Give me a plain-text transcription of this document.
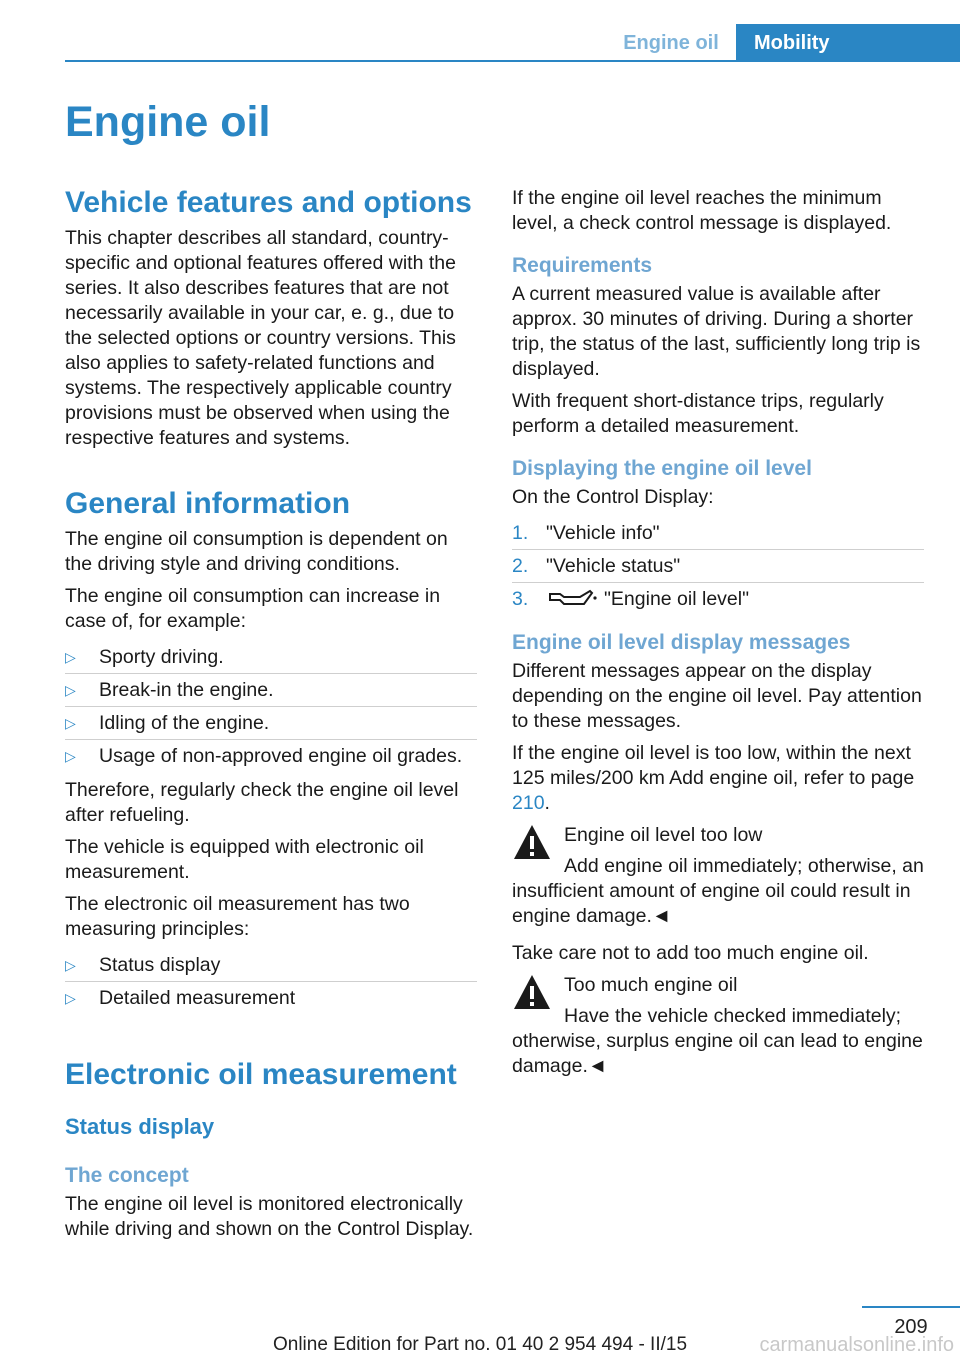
Engine oil	Mobility
Engine oil
Vehicle features and options

This chapter describes all standard, country-specific and optional features offered with the series. It also describes features that are not necessarily available in your car, e. g., due to the selected options or country versions. This also applies to safety-related functions and systems. The respectively applicable country provisions must be observed when using the respective features and systems.

General information

The engine oil consumption is dependent on the driving style and driving conditions.

The engine oil consumption can increase in case of, for example:

▷ Sporty driving.
▷ Break-in the engine.
▷ Idling of the engine.
▷ Usage of non-approved engine oil grades.

Therefore, regularly check the engine oil level after refueling.

The vehicle is equipped with electronic oil measurement.

The electronic oil measurement has two measuring principles:

▷ Status display
▷ Detailed measurement
Electronic oil measurement
Status display
The concept

The engine oil level is monitored electronically while driving and shown on the Control Display.

If the engine oil level reaches the minimum level, a check control message is displayed.

Requirements

A current measured value is available after approx. 30 minutes of driving. During a shorter trip, the status of the last, sufficiently long trip is displayed.

With frequent short-distance trips, regularly perform a detailed measurement.

Displaying the engine oil level

On the Control Display:

1. "Vehicle info"
2. "Vehicle status"
3.	"Engine oil level"
Engine oil level display messages

Different messages appear on the display depending on the engine oil level. Pay attention to these messages.

If the engine oil level is too low, within the next 125 miles/200 km Add engine oil, refer to page 210.

Engine oil level too low

Add engine oil immediately; otherwise, an insufficient amount of engine oil could result in engine damage.◄

Take care not to add too much engine oil.

Too much engine oil

Have the vehicle checked immediately; otherwise, surplus engine oil can lead to engine damage.◄

209
Online Edition for Part no. 01 40 2 954 494 - II/15	carmanualsonline.info
